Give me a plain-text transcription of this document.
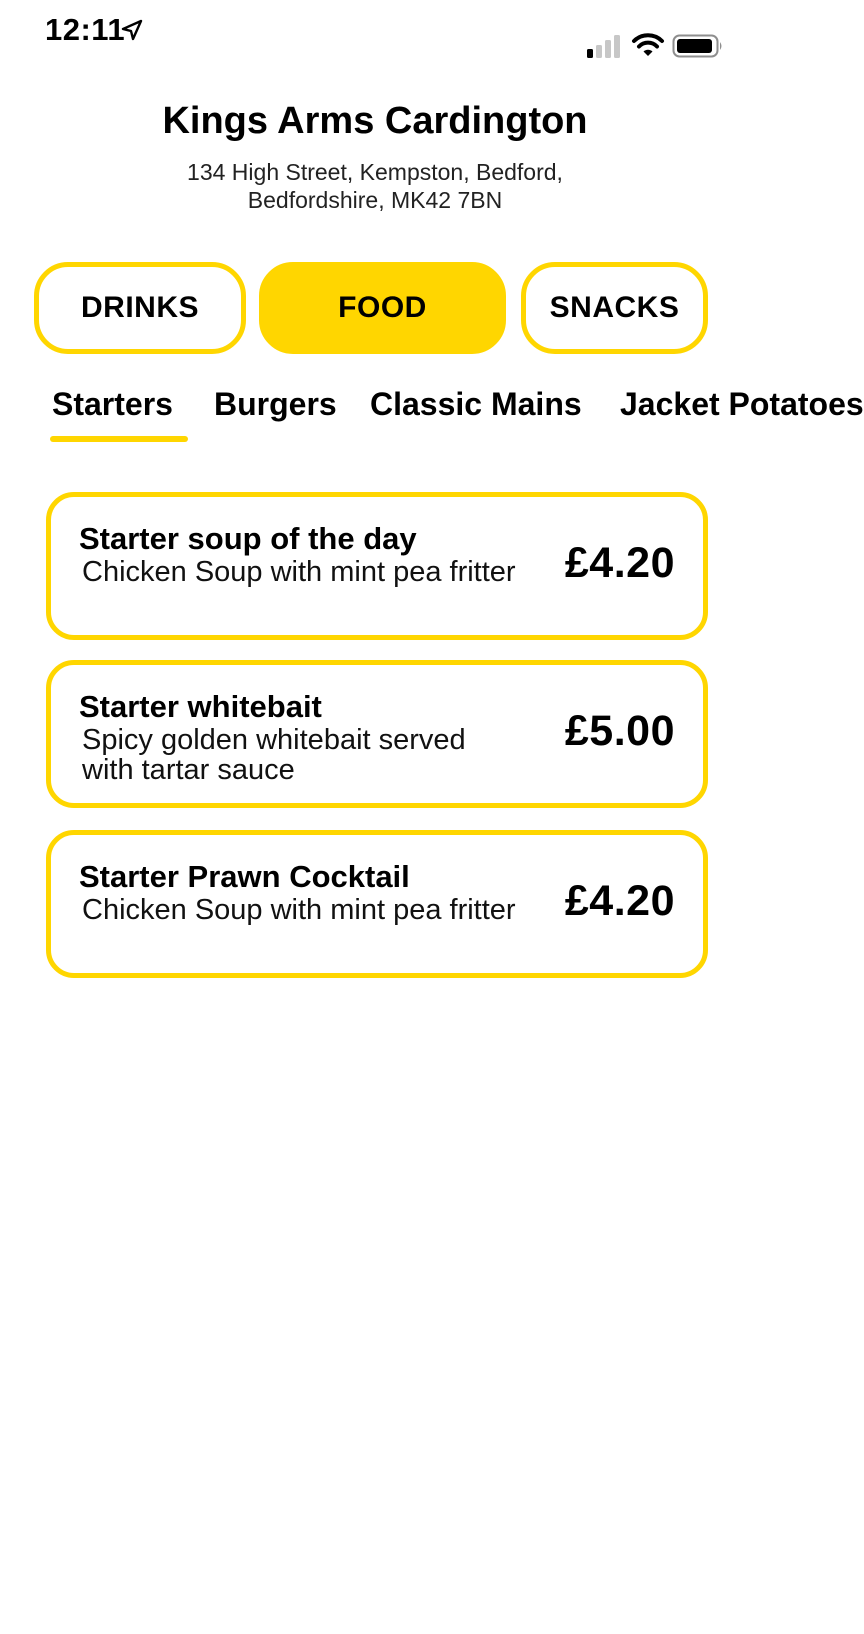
12:11
Kings Arms Cardington
134 High Street, Kempston, Bedford,
Bedfordshire, MK42 7BN
DRINKS	FOOD	SNACKS
Starters Burgers Classic Mains Jacket Potatoes
Starter soup of the day
Chicken Soup with mint pea fritter £4.20
Starter whitebait
Spicy golden whitebait served with tartar sauce
£5.00
Starter Prawn Cocktail
Chicken Soup with mint pea fritter £4.20
